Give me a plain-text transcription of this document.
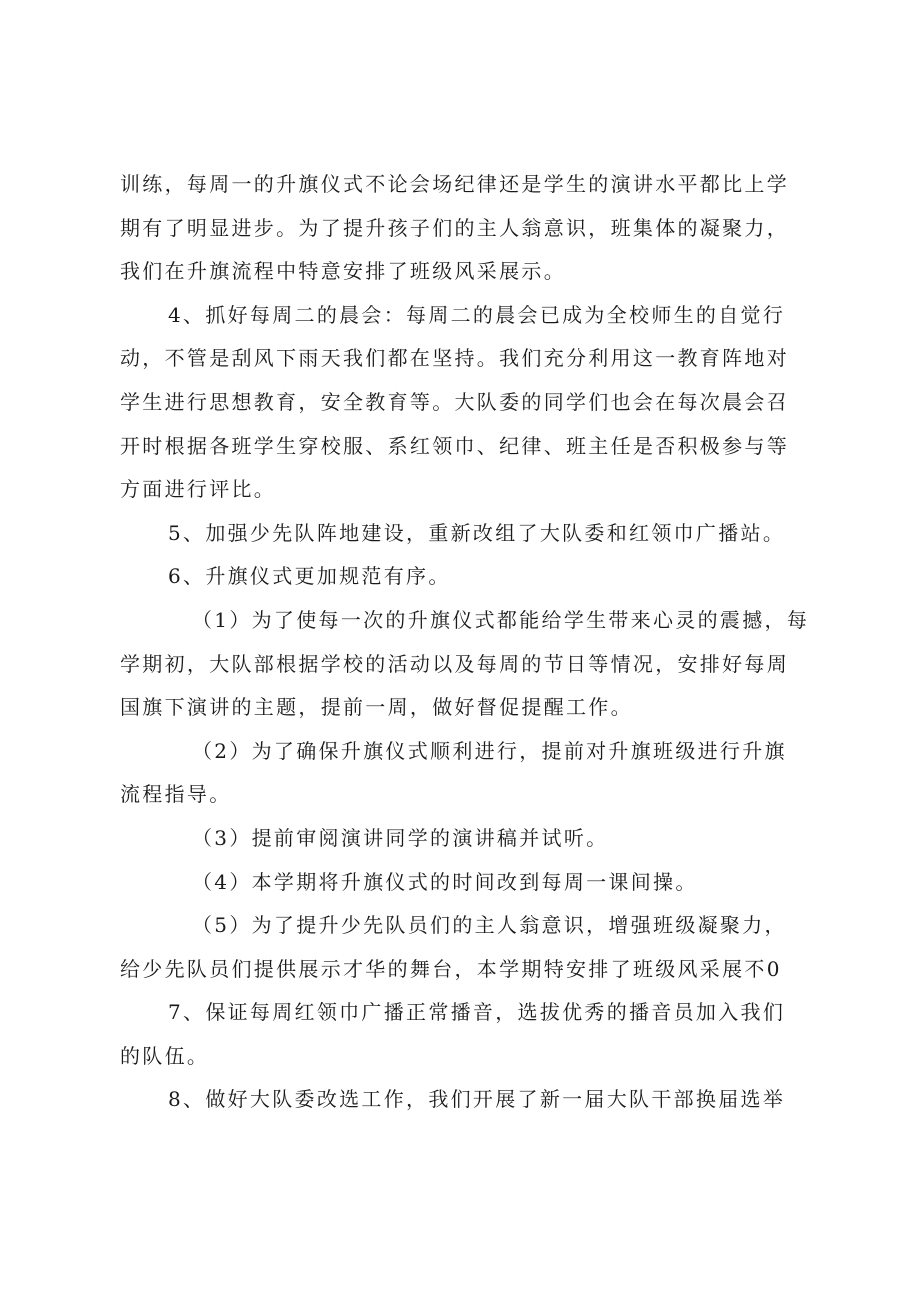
训练，每周一的升旗仪式不论会场纪律还是学生的演讲水平都比上学
期有了明显进步。为了提升孩子们的主人翁意识，班集体的凝聚力，
我们在升旗流程中特意安排了班级风采展示。
4、抓好每周二的晨会：每周二的晨会已成为全校师生的自觉行
动，不管是刮风下雨天我们都在坚持。我们充分利用这一教育阵地对
学生进行思想教育，安全教育等。大队委的同学们也会在每次晨会召
开时根据各班学生穿校服、系红领巾、纪律、班主任是否积极参与等
方面进行评比。
5、加强少先队阵地建设，重新改组了大队委和红领巾广播站。
6、升旗仪式更加规范有序。
（1）为了使每一次的升旗仪式都能给学生带来心灵的震撼，每
学期初，大队部根据学校的活动以及每周的节日等情况，安排好每周
国旗下演讲的主题，提前一周，做好督促提醒工作。
（2）为了确保升旗仪式顺利进行，提前对升旗班级进行升旗
流程指导。
（3）提前审阅演讲同学的演讲稿并试听。
（4）本学期将升旗仪式的时间改到每周一课间操。
（5）为了提升少先队员们的主人翁意识，增强班级凝聚力，
给少先队员们提供展示才华的舞台，本学期特安排了班级风采展不0
7、保证每周红领巾广播正常播音，选拔优秀的播音员加入我们
的队伍。
8、做好大队委改选工作，我们开展了新一届大队干部换届选举
